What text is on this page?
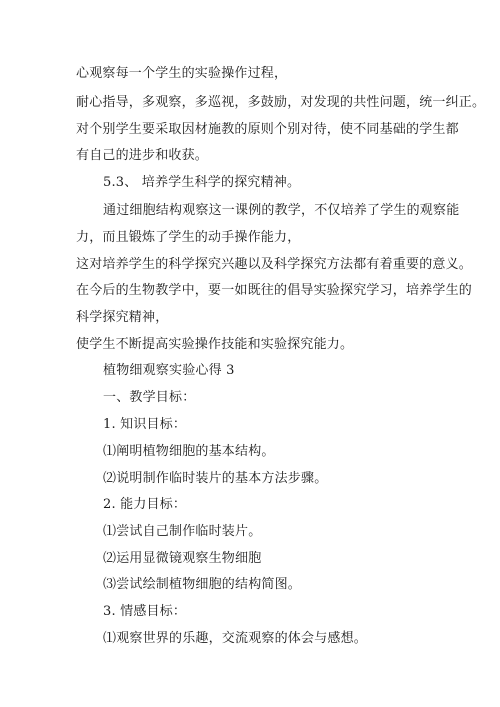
心观察每一个学生的实验操作过程，
耐心指导，多观察，多巡视，多鼓励，对发现的共性问题，统一纠正。
对个别学生要采取因材施教的原则个别对待，使不同基础的学生都
有自己的进步和收获。
5.3、 培养学生科学的探究精神。
通过细胞结构观察这一课例的教学，不仅培养了学生的观察能
力，而且锻炼了学生的动手操作能力，
这对培养学生的科学探究兴趣以及科学探究方法都有着重要的意义。
在今后的生物教学中，要一如既往的倡导实验探究学习，培养学生的
科学探究精神，
使学生不断提高实验操作技能和实验探究能力。
植物细观察实验心得 3
一、教学目标：
1. 知识目标：
⑴阐明植物细胞的基本结构。
⑵说明制作临时装片的基本方法步骤。
2. 能力目标：
⑴尝试自己制作临时装片。
⑵运用显微镜观察生物细胞
⑶尝试绘制植物细胞的结构简图。
3. 情感目标：
⑴观察世界的乐趣，交流观察的体会与感想。
